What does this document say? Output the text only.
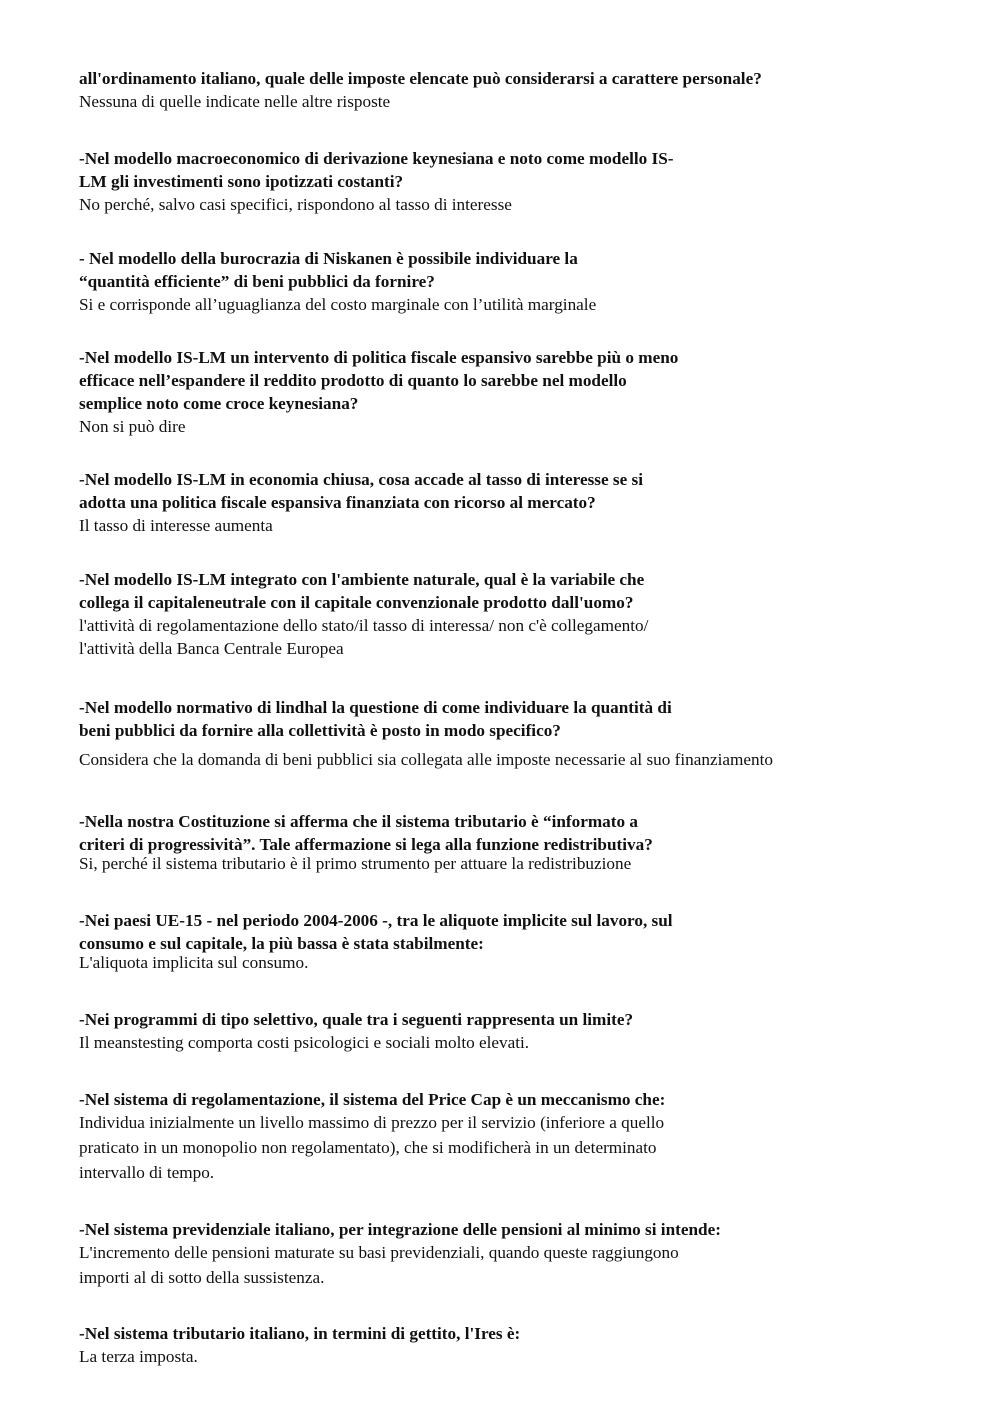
all'ordinamento italiano, quale delle imposte elencate può considerarsi a carattere personale?
Nessuna di quelle indicate nelle altre risposte
-Nel modello macroeconomico di derivazione keynesiana e noto come modello IS-
LM gli investimenti sono ipotizzati costanti?
No perché, salvo casi specifici, rispondono al tasso di interesse
- Nel modello della burocrazia di Niskanen è possibile individuare la
“quantità efficiente” di beni pubblici da fornire?
Si e corrisponde all’uguaglianza del costo marginale con l’utilità marginale
-Nel modello IS-LM un intervento di politica fiscale espansivo sarebbe più o meno
efficace nell’espandere il reddito prodotto di quanto lo sarebbe nel modello
semplice noto come croce keynesiana?
Non si può dire
-Nel modello IS-LM in economia chiusa, cosa accade al tasso di interesse se si
adotta una politica fiscale espansiva finanziata con ricorso al mercato?
Il tasso di interesse aumenta
-Nel modello IS-LM integrato con l'ambiente naturale, qual è la variabile che
collega il capitaleneutrale con il capitale convenzionale prodotto dall'uomo?
l'attività di regolamentazione dello stato/il tasso di interessa/ non c'è collegamento/
l'attività della Banca Centrale Europea
-Nel modello normativo di lindhal la questione di come individuare la quantità di
beni pubblici da fornire alla collettività è posto in modo specifico?
Considera che la domanda di beni pubblici sia collegata alle imposte necessarie al suo finanziamento
-Nella nostra Costituzione si afferma che il sistema tributario è “informato a
criteri di progressività”. Tale affermazione si lega alla funzione redistributiva?
Si, perché il sistema tributario è il primo strumento per attuare la redistribuzione
-Nei paesi UE-15 - nel periodo 2004-2006 -, tra le aliquote implicite sul lavoro, sul
consumo e sul capitale, la più bassa è stata stabilmente:
L'aliquota implicita sul consumo.
-Nei programmi di tipo selettivo, quale tra i seguenti rappresenta un limite?
Il meanstesting comporta costi psicologici e sociali molto elevati.
-Nel sistema di regolamentazione, il sistema del Price Cap è un meccanismo che:
Individua inizialmente un livello massimo di prezzo per il servizio (inferiore a quello
praticato in un monopolio non regolamentato), che si modificherà in un determinato
intervallo di tempo.
-Nel sistema previdenziale italiano, per integrazione delle pensioni al minimo si intende:
L'incremento delle pensioni maturate su basi previdenziali, quando queste raggiungono
importi al di sotto della sussistenza.
-Nel sistema tributario italiano, in termini di gettito, l'Ires è:
La terza imposta.
